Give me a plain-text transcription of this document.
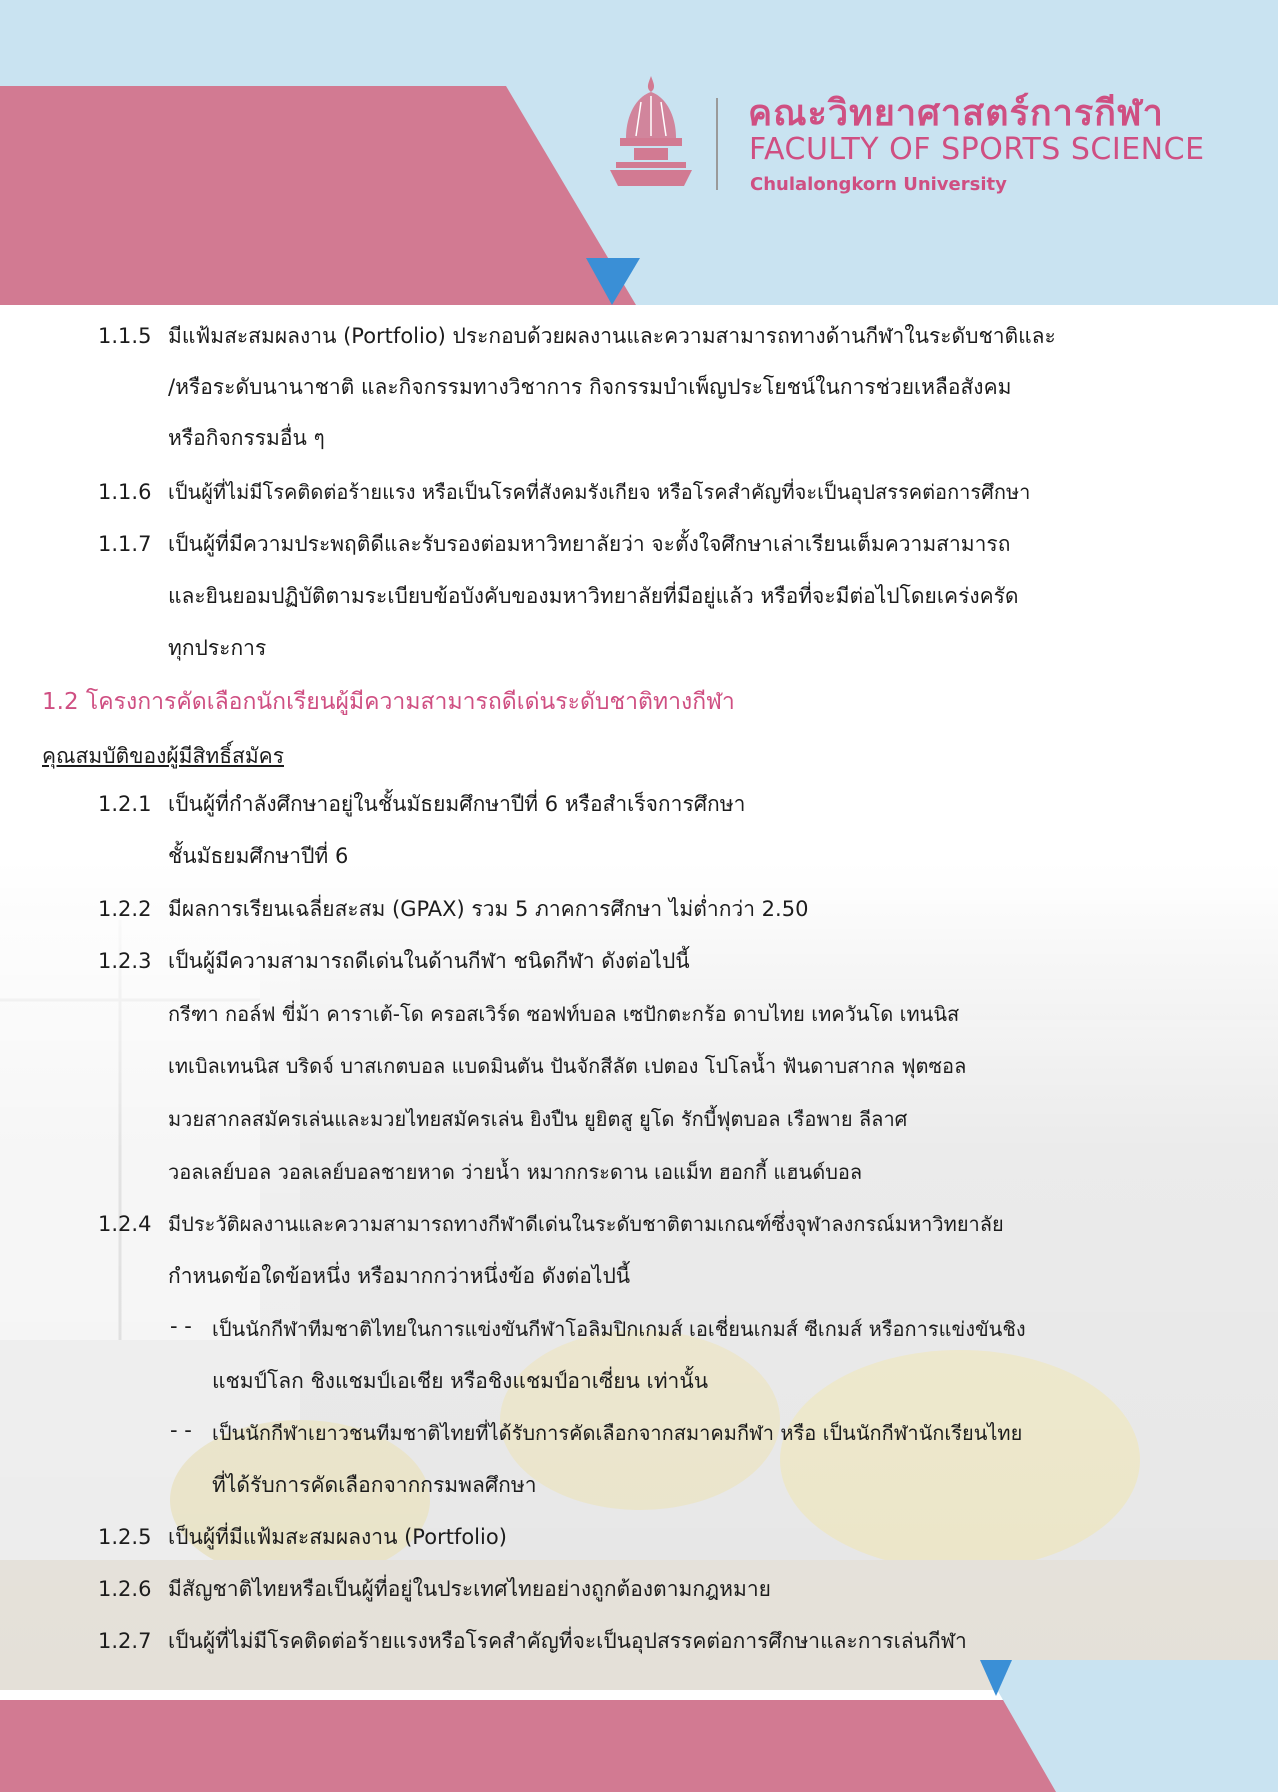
คณะวิทยาศาสตร์การกีฬา
FACULTY OF SPORTS SCIENCE
Chulalongkorn University
1.1.5 มีแฟ้มสะสมผลงาน (Portfolio) ประกอบด้วยผลงานและความสามารถทางด้านกีฬาในระดับชาติและ
/หรือระดับนานาชาติ และกิจกรรมทางวิชาการ กิจกรรมบำเพ็ญประโยชน์ในการช่วยเหลือสังคม
หรือกิจกรรมอื่น ๆ
1.1.6 เป็นผู้ที่ไม่มีโรคติดต่อร้ายแรง หรือเป็นโรคที่สังคมรังเกียจ หรือโรคสำคัญที่จะเป็นอุปสรรคต่อการศึกษา
1.1.7 เป็นผู้ที่มีความประพฤติดีและรับรองต่อมหาวิทยาลัยว่า จะตั้งใจศึกษาเล่าเรียนเต็มความสามารถ
และยินยอมปฏิบัติตามระเบียบข้อบังคับของมหาวิทยาลัยที่มีอยู่แล้ว หรือที่จะมีต่อไปโดยเคร่งครัด
ทุกประการ
1.2 โครงการคัดเลือกนักเรียนผู้มีความสามารถดีเด่นระดับชาติทางกีฬา
คุณสมบัติของผู้มีสิทธิ์สมัคร
1.2.1 เป็นผู้ที่กำลังศึกษาอยู่ในชั้นมัธยมศึกษาปีที่ 6 หรือสำเร็จการศึกษา
ชั้นมัธยมศึกษาปีที่ 6
1.2.2 มีผลการเรียนเฉลี่ยสะสม (GPAX) รวม 5 ภาคการศึกษา ไม่ต่ำกว่า 2.50
1.2.3 เป็นผู้มีความสามารถดีเด่นในด้านกีฬา ชนิดกีฬา ดังต่อไปนี้
กรีฑา กอล์ฟ ขี่ม้า คาราเต้-โด ครอสเวิร์ด ซอฟท์บอล เซปักตะกร้อ ดาบไทย เทควันโด เทนนิส
เทเบิลเทนนิส บริดจ์ บาสเกตบอล แบดมินตัน ปันจักสีลัต เปตอง โปโลน้ำ ฟันดาบสากล ฟุตซอล
มวยสากลสมัครเล่นและมวยไทยสมัครเล่น ยิงปืน ยูยิตสู ยูโด รักบี้ฟุตบอล เรือพาย ลีลาศ
วอลเลย์บอล วอลเลย์บอลชายหาด ว่ายน้ำ หมากกระดาน เอแม็ท ฮอกกี้ แฮนด์บอล
1.2.4 มีประวัติผลงานและความสามารถทางกีฬาดีเด่นในระดับชาติตามเกณฑ์ซึ่งจุฬาลงกรณ์มหาวิทยาลัย
กำหนดข้อใดข้อหนึ่ง หรือมากกว่าหนึ่งข้อ ดังต่อไปนี้
- - เป็นนักกีฬาทีมชาติไทยในการแข่งขันกีฬาโอลิมปิกเกมส์ เอเชี่ยนเกมส์ ซีเกมส์ หรือการแข่งขันชิง
แชมป์โลก ชิงแชมป์เอเชีย หรือชิงแชมป์อาเซี่ยน เท่านั้น
- - เป็นนักกีฬาเยาวชนทีมชาติไทยที่ได้รับการคัดเลือกจากสมาคมกีฬา หรือ เป็นนักกีฬานักเรียนไทย
ที่ได้รับการคัดเลือกจากกรมพลศึกษา
1.2.5 เป็นผู้ที่มีแฟ้มสะสมผลงาน (Portfolio)
1.2.6 มีสัญชาติไทยหรือเป็นผู้ที่อยู่ในประเทศไทยอย่างถูกต้องตามกฎหมาย
1.2.7 เป็นผู้ที่ไม่มีโรคติดต่อร้ายแรงหรือโรคสำคัญที่จะเป็นอุปสรรคต่อการศึกษาและการเล่นกีฬา
